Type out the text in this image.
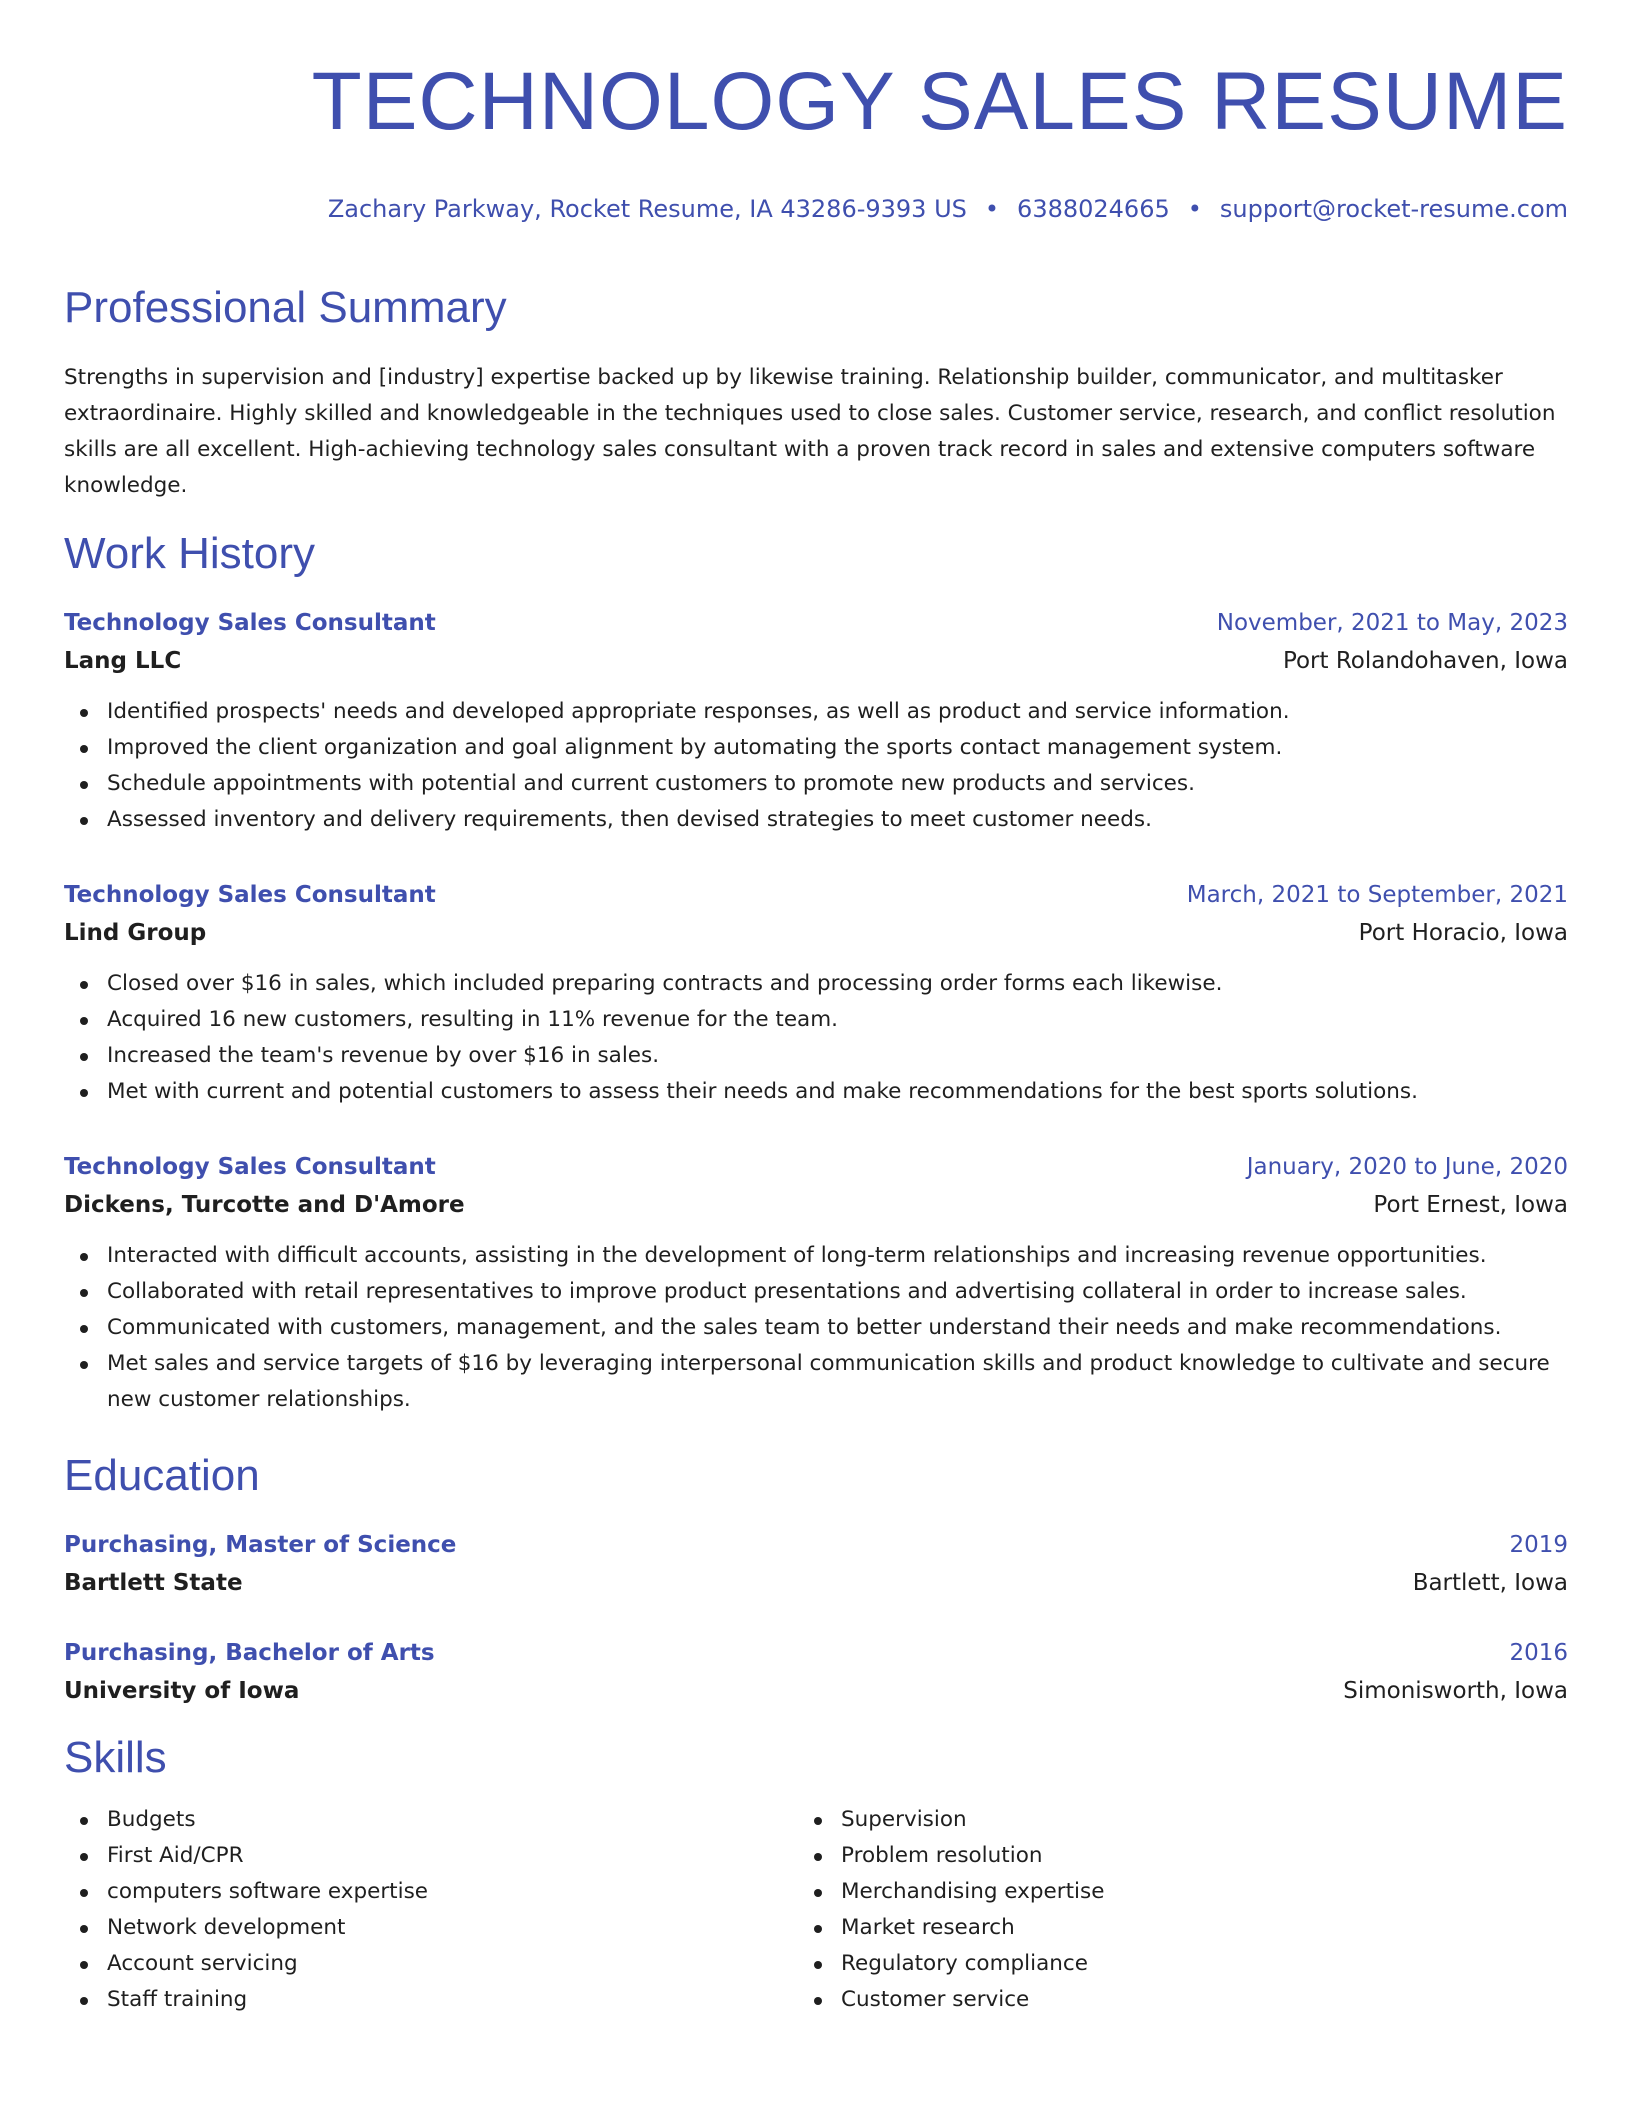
TECHNOLOGY SALES RESUME
Zachary Parkway, Rocket Resume, IA 43286-9393 US • 6388024665 • support@rocket-resume.com
Professional Summary
Strengths in supervision and [industry] expertise backed up by likewise training. Relationship builder, communicator, and multitasker extraordinaire. Highly skilled and knowledgeable in the techniques used to close sales. Customer service, research, and conflict resolution skills are all excellent. High-achieving technology sales consultant with a proven track record in sales and extensive computers software knowledge.
Work History
Technology Sales Consultant	November, 2021 to May, 2023
Lang LLC	Port Rolandohaven, Iowa
Identified prospects' needs and developed appropriate responses, as well as product and service information.
Improved the client organization and goal alignment by automating the sports contact management system.
Schedule appointments with potential and current customers to promote new products and services.
Assessed inventory and delivery requirements, then devised strategies to meet customer needs.
Technology Sales Consultant	March, 2021 to September, 2021
Lind Group	Port Horacio, Iowa
Closed over $16 in sales, which included preparing contracts and processing order forms each likewise.
Acquired 16 new customers, resulting in 11% revenue for the team.
Increased the team's revenue by over $16 in sales.
Met with current and potential customers to assess their needs and make recommendations for the best sports solutions.
Technology Sales Consultant	January, 2020 to June, 2020
Dickens, Turcotte and D'Amore	Port Ernest, Iowa
Interacted with difficult accounts, assisting in the development of long-term relationships and increasing revenue opportunities.
Collaborated with retail representatives to improve product presentations and advertising collateral in order to increase sales.
Communicated with customers, management, and the sales team to better understand their needs and make recommendations.
Met sales and service targets of $16 by leveraging interpersonal communication skills and product knowledge to cultivate and secure new customer relationships.
Education
Purchasing, Master of Science	2019
Bartlett State	Bartlett, Iowa
Purchasing, Bachelor of Arts	2016
University of Iowa	Simonisworth, Iowa
Skills
Budgets
First Aid/CPR
computers software expertise
Network development
Account servicing
Staff training
Supervision
Problem resolution
Merchandising expertise
Market research
Regulatory compliance
Customer service
